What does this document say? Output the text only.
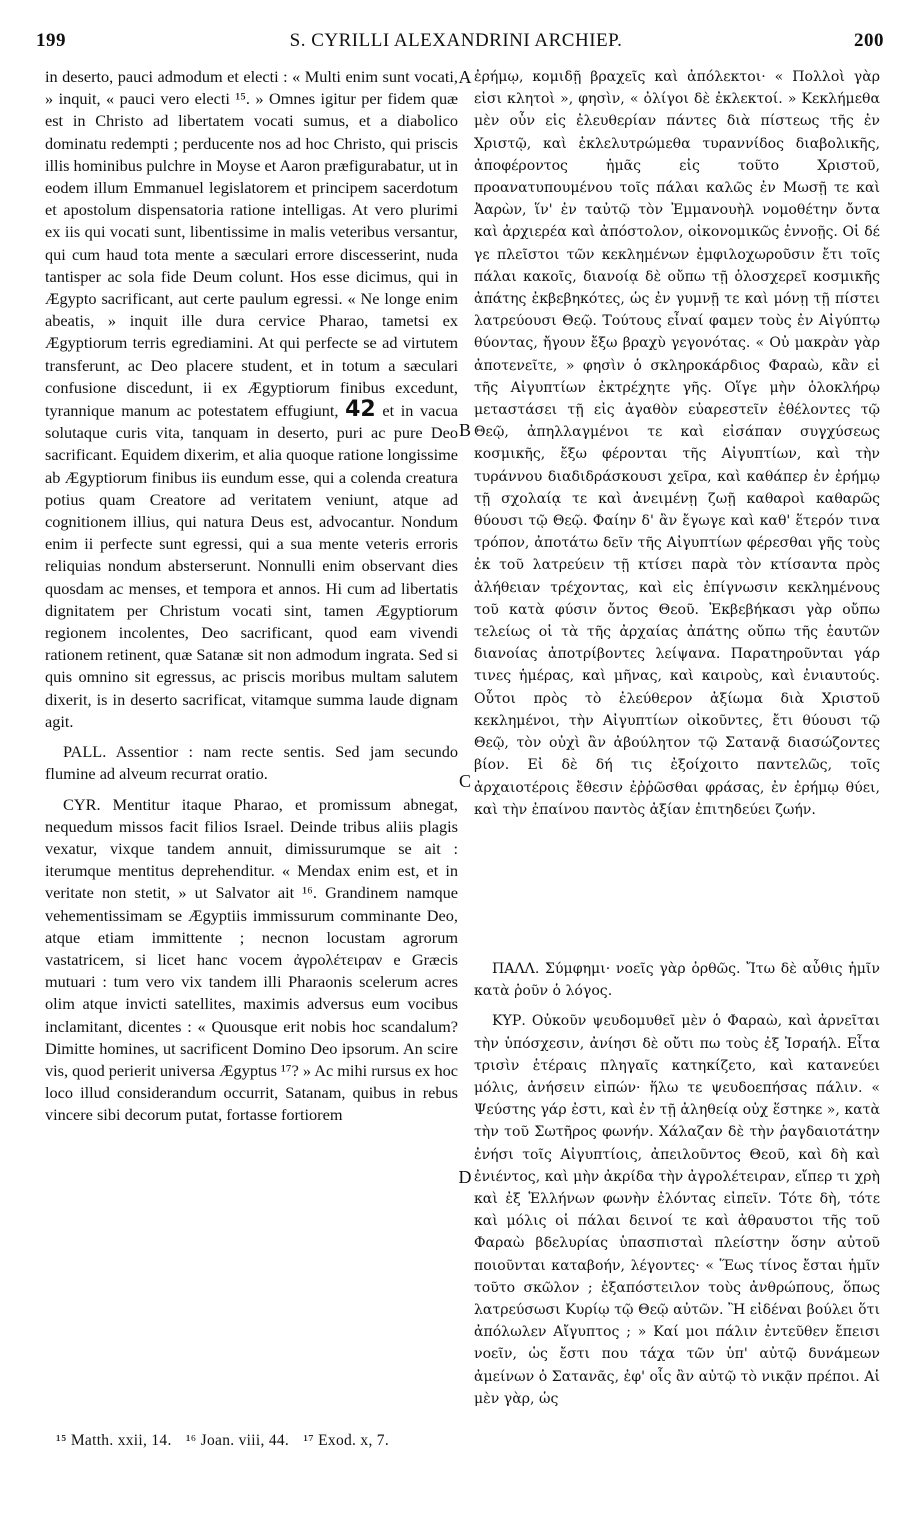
199	S. CYRILLI ALEXANDRINI ARCHIEP.	200

in deserto, pauci admodum et electi : « Multi enim sunt vocati, » inquit, « pauci vero electi ¹⁵. » Omnes igitur per fidem quæ est in Christo ad libertatem vocati sumus, et a diabolico dominatu redempti ; perducente nos ad hoc Christo, qui priscis illis hominibus pulchre in Moyse et Aaron præfigurabatur, ut in eodem illum Emmanuel legislatorem et principem sacerdotum et apostolum dispensatoria ratione intelligas. At vero plurimi ex iis qui vocati sunt, libentissime in malis veteribus versantur, qui cum haud tota mente a sæculari errore discesserint, nuda tantisper ac sola fide Deum colunt. Hos esse dicimus, qui in Ægypto sacrificant, aut certe paulum egressi. « Ne longe enim abeatis, » inquit ille dura cervice Pharao, tametsi ex Ægyptiorum terris egrediamini. At qui perfecte se ad virtutem transferunt, ac Deo placere student, et in totum a sæculari confusione discedunt, ii ex Ægyptiorum finibus excedunt, tyrannique manum ac potestatem effugiunt, 42 et in vacua solutaque curis vita, tanquam in deserto, puri ac pure Deo sacrificant. Equidem dixerim, et alia quoque ratione longissime ab Ægyptiorum finibus iis eundum esse, qui a colenda creatura potius quam Creatore ad veritatem veniunt, atque ad cognitionem illius, qui natura Deus est, advocantur. Nondum enim ii perfecte sunt egressi, qui a sua mente veteris erroris reliquias nondum absterserunt. Nonnulli enim observant dies quosdam ac menses, et tempora et annos. Hi cum ad libertatis dignitatem per Christum vocati sint, tamen Ægyptiorum regionem incolentes, Deo sacrificant, quod eam vivendi rationem retinent, quæ Satanæ sit non admodum ingrata. Sed si quis omnino sit egressus, ac priscis moribus multam salutem dixerit, is in deserto sacrificat, vitamque summa laude dignam agit.

PALL. Assentior : nam recte sentis. Sed jam secundo flumine ad alveum recurrat oratio.

CYR. Mentitur itaque Pharao, et promissum abnegat, nequedum missos facit filios Israel. Deinde tribus aliis plagis vexatur, vixque tandem annuit, dimissurumque se ait : iterumque mentitus deprehenditur. « Mendax enim est, et in veritate non stetit, » ut Salvator ait ¹⁶. Grandinem namque vehementissimam se Ægyptiis immissurum comminante Deo, atque etiam immittente ; necnon locustam agrorum vastatricem, si licet hanc vocem ἀγρολέτειραν e Græcis mutuari : tum vero vix tandem illi Pharaonis scelerum acres olim atque invicti satellites, maximis adversus eum vocibus inclamitant, dicentes : « Quousque erit nobis hoc scandalum? Dimitte homines, ut sacrificent Domino Deo ipsorum. An scire vis, quod perierit universa Ægyptus ¹⁷? » Ac mihi rursus ex hoc loco illud considerandum occurrit, Satanam, quibus in rebus vincere sibi decorum putat, fortasse fortiorem

ἐρήμῳ, κομιδῇ βραχεῖς καὶ ἀπόλεκτοι· « Πολλοὶ γὰρ εἰσι κλητοὶ », φησὶν, « ὀλίγοι δὲ ἐκλεκτοί. » Κεκλήμεθα μὲν οὖν εἰς ἐλευθερίαν πάντες διὰ πίστεως τῆς ἐν Χριστῷ, καὶ ἐκλελυτρώμεθα τυραννίδος διαβολικῆς, ἀποφέροντος ἡμᾶς εἰς τοῦτο Χριστοῦ, προανατυπουμένου τοῖς πάλαι καλῶς ἐν Μωσῇ τε καὶ Ἀαρὼν, ἵν' ἐν ταὐτῷ τὸν Ἐμμανουὴλ νομοθέτην ὄντα καὶ ἀρχιερέα καὶ ἀπόστολον, οἰκονομικῶς ἐννοῇς. Οἱ δέ γε πλεῖστοι τῶν κεκλημένων ἐμφιλοχωροῦσιν ἔτι τοῖς πάλαι κακοῖς, διανοίᾳ δὲ οὔπω τῇ ὁλοσχερεῖ κοσμικῆς ἀπάτης ἐκβεβηκότες, ὡς ἐν γυμνῇ τε καὶ μόνῃ τῇ πίστει λατρεύουσι Θεῷ. Τούτους εἶναί φαμεν τοὺς ἐν Αἰγύπτῳ θύοντας, ἤγουν ἔξω βραχὺ γεγονότας. « Οὐ μακρὰν γὰρ ἀποτενεῖτε, » φησὶν ὁ σκληροκάρδιος Φαραὼ, κἂν εἰ τῆς Αἰγυπτίων ἐκτρέχητε γῆς. Οἵγε μὴν ὁλοκλήρῳ μεταστάσει τῇ εἰς ἀγαθὸν εὐαρεστεῖν ἐθέλοντες τῷ Θεῷ, ἀπηλλαγμένοι τε καὶ εἰσάπαν συγχύσεως κοσμικῆς, ἔξω φέρονται τῆς Αἰγυπτίων, καὶ τὴν τυράννου διαδιδράσκουσι χεῖρα, καὶ καθάπερ ἐν ἐρήμῳ τῇ σχολαίᾳ τε καὶ ἀνειμένῃ ζωῇ καθαροὶ καθαρῶς θύουσι τῷ Θεῷ. Φαίην δ' ἂν ἔγωγε καὶ καθ' ἕτερόν τινα τρόπον, ἀποτάτω δεῖν τῆς Αἰγυπτίων φέρεσθαι γῆς τοὺς ἐκ τοῦ λατρεύειν τῇ κτίσει παρὰ τὸν κτίσαντα πρὸς ἀλήθειαν τρέχοντας, καὶ εἰς ἐπίγνωσιν κεκλημένους τοῦ κατὰ φύσιν ὄντος Θεοῦ. Ἐκβεβήκασι γὰρ οὔπω τελείως οἱ τὰ τῆς ἀρχαίας ἀπάτης οὔπω τῆς ἑαυτῶν διανοίας ἀποτρίβοντες λείψανα. Παρατηροῦνται γάρ τινες ἡμέρας, καὶ μῆνας, καὶ καιροὺς, καὶ ἐνιαυτούς. Οὗτοι πρὸς τὸ ἐλεύθερον ἀξίωμα διὰ Χριστοῦ κεκλημένοι, τὴν Αἰγυπτίων οἰκοῦντες, ἔτι θύουσι τῷ Θεῷ, τὸν οὐχὶ ἂν ἀβούλητον τῷ Σατανᾷ διασώζοντες βίον. Εἰ δὲ δή τις ἐξοίχοιτο παντελῶς, τοῖς ἀρχαιοτέροις ἔθεσιν ἐῤῥῶσθαι φράσας, ἐν ἐρήμῳ θύει, καὶ τὴν ἐπαίνου παντὸς ἀξίαν ἐπιτηδεύει ζωήν.

ΠΑΛΛ. Σύμφημι· νοεῖς γὰρ ὀρθῶς. Ἴτω δὲ αὖθις ἡμῖν κατὰ ῥοῦν ὁ λόγος.

ΚΥΡ. Οὐκοῦν ψευδομυθεῖ μὲν ὁ Φαραὼ, καὶ ἀρνεῖται τὴν ὑπόσχεσιν, ἀνίησι δὲ οὔτι πω τοὺς ἐξ Ἰσραήλ. Εἶτα τρισὶν ἑτέραις πληγαῖς κατηκίζετο, καὶ κατανεύει μόλις, ἀνήσειν εἰπών· ἥλω τε ψευδοεπήσας πάλιν. « Ψεύστης γάρ ἐστι, καὶ ἐν τῇ ἀληθείᾳ οὐχ ἕστηκε », κατὰ τὴν τοῦ Σωτῆρος φωνήν. Χάλαζαν δὲ τὴν ῥαγδαιοτάτην ἐνήσι τοῖς Αἰγυπτίοις, ἀπειλοῦντος Θεοῦ, καὶ δὴ καὶ ἐνιέντος, καὶ μὴν ἀκρίδα τὴν ἀγρολέτειραν, εἴπερ τι χρὴ καὶ ἐξ Ἑλλήνων φωνὴν ἐλόντας εἰπεῖν. Τότε δὴ, τότε καὶ μόλις οἱ πάλαι δεινοί τε καὶ ἀθραυστοι τῆς τοῦ Φαραὼ βδελυρίας ὑπασπισταὶ πλείστην ὅσην αὐτοῦ ποιοῦνται καταβοήν, λέγοντες· « Ἕως τίνος ἔσται ἡμῖν τοῦτο σκῶλον ; ἐξαπόστειλον τοὺς ἀνθρώπους, ὅπως λατρεύσωσι Κυρίῳ τῷ Θεῷ αὐτῶν. Ἢ εἰδέναι βούλει ὅτι ἀπόλωλεν Αἴγυπτος ; » Καί μοι πάλιν ἐντεῦθεν ἔπεισι νοεῖν, ὡς ἔστι που τάχα τῶν ὑπ' αὐτῷ δυνάμεων ἀμείνων ὁ Σατανᾶς, ἐφ' οἷς ἂν αὐτῷ τὸ νικᾷν πρέποι. Αἱ μὲν γὰρ, ὡς

A
B
C
D
¹⁵ Matth. xxii, 14. ¹⁶ Joan. viii, 44. ¹⁷ Exod. x, 7.
